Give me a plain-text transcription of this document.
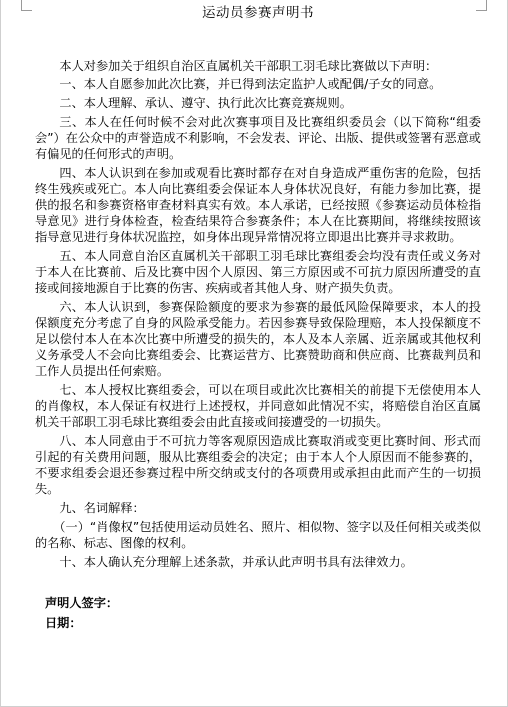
运动员参赛声明书

本人对参加关于组织自治区直属机关干部职工羽毛球比赛做以下声明：

一、本人自愿参加此次比赛，并已得到法定监护人或配偶/子女的同意。

二、本人理解、承认、遵守、执行此次比赛竞赛规则。

三、本人在任何时候不会对此次赛事项目及比赛组织委员会（以下简称“组委会”）在公众中的声誉造成不利影响，不会发表、评论、出版、提供或签署有恶意或有偏见的任何形式的声明。

四、本人认识到在参加或观看比赛时都存在对自身造成严重伤害的危险，包括终生残疾或死亡。本人向比赛组委会保证本人身体状况良好，有能力参加比赛，提供的报名和参赛资格审查材料真实有效。本人承诺，已经按照《参赛运动员体检指导意见》进行身体检查，检查结果符合参赛条件；本人在比赛期间，将继续按照该指导意见进行身体状况监控，如身体出现异常情况将立即退出比赛并寻求救助。

五、本人同意自治区直属机关干部职工羽毛球比赛组委会均没有责任或义务对于本人在比赛前、后及比赛中因个人原因、第三方原因或不可抗力原因所遭受的直接或间接地源自于比赛的伤害、疾病或者其他人身、财产损失负责。

六、本人认识到，参赛保险额度的要求为参赛的最低风险保障要求，本人的投保额度充分考虑了自身的风险承受能力。若因参赛导致保险理赔，本人投保额度不足以偿付本人在本次比赛中所遭受的损失的，本人及本人亲属、近亲属或其他权利义务承受人不会向比赛组委会、比赛运营方、比赛赞助商和供应商、比赛裁判员和工作人员提出任何索赔。

七、本人授权比赛组委会，可以在项目或此次比赛相关的前提下无偿使用本人的肖像权，本人保证有权进行上述授权，并同意如此情况不实，将赔偿自治区直属机关干部职工羽毛球比赛组委会由此直接或间接遭受的一切损失。

八、本人同意由于不可抗力等客观原因造成比赛取消或变更比赛时间、形式而引起的有关费用问题，服从比赛组委会的决定；由于本人个人原因而不能参赛的，不要求组委会退还参赛过程中所交纳或支付的各项费用或承担由此而产生的一切损失。

九、名词解释：

（一）“肖像权”包括使用运动员姓名、照片、相似物、签字以及任何相关或类似的名称、标志、图像的权利。

十、本人确认充分理解上述条款，并承认此声明书具有法律效力。

声明人签字：
日期：
